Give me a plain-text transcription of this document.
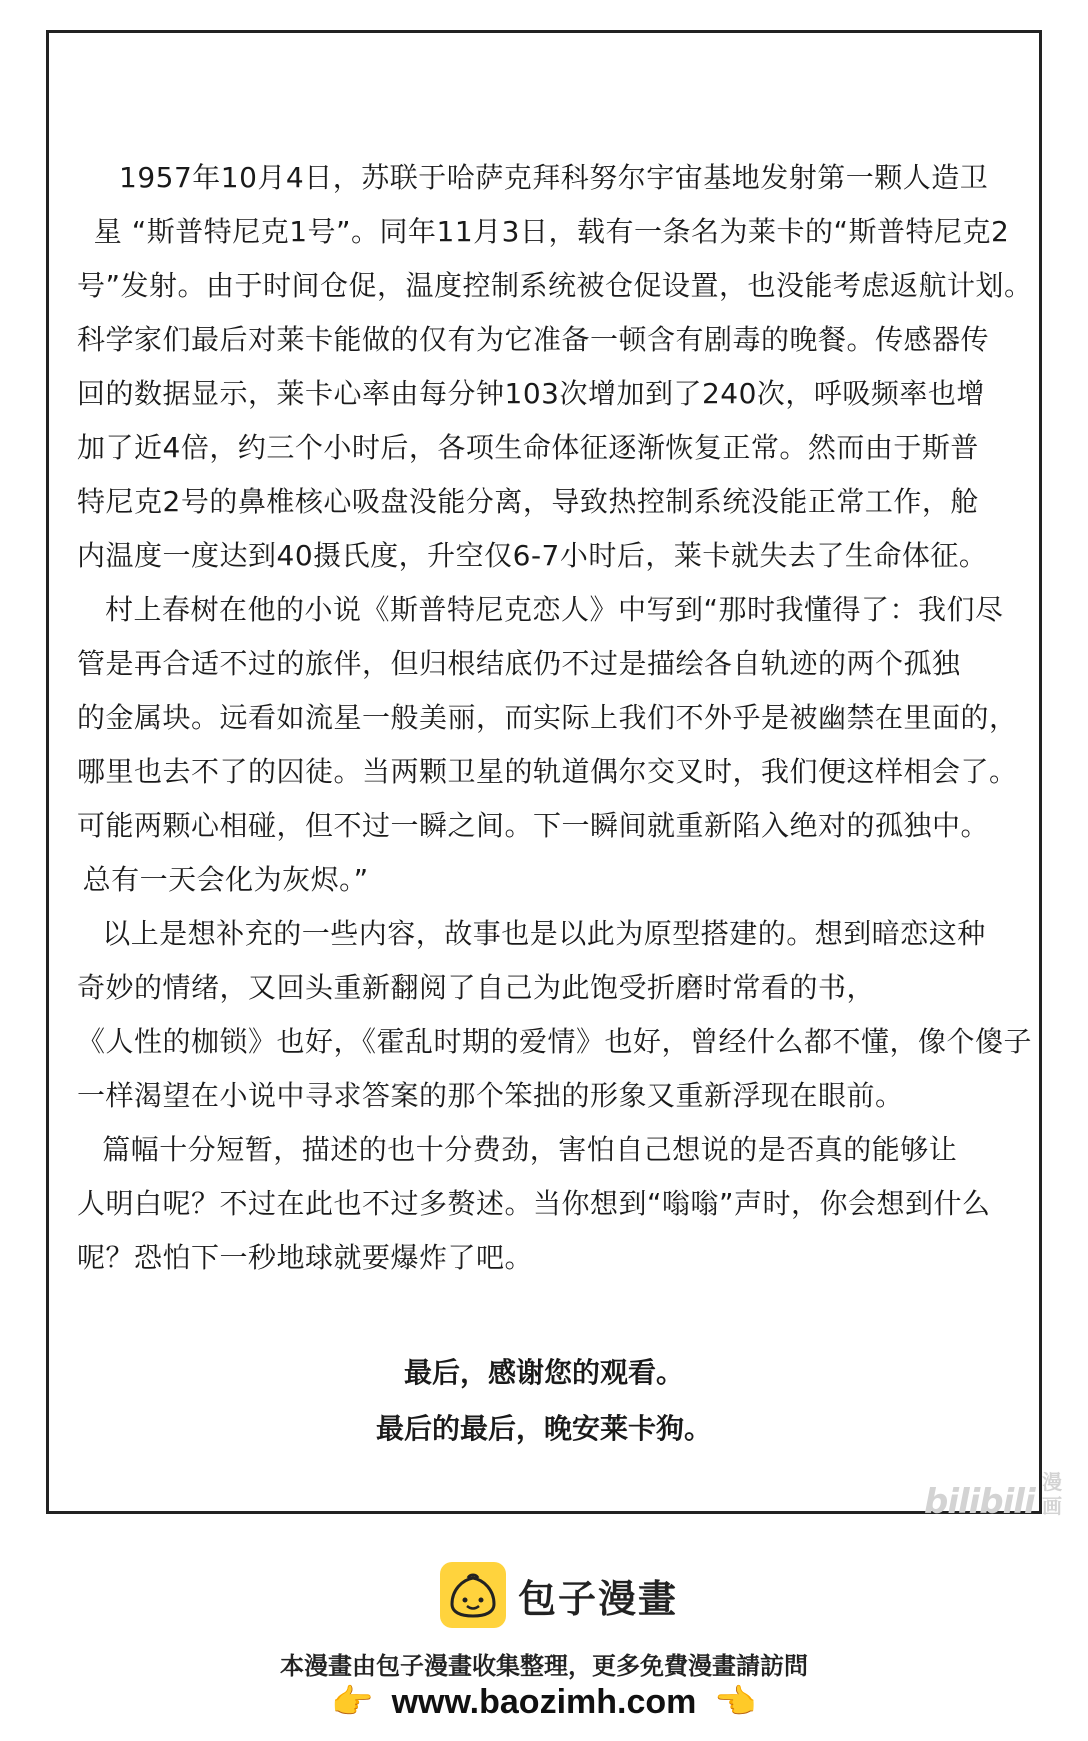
1957年10月4日，苏联于哈萨克拜科努尔宇宙基地发射第一颗人造卫
星 “斯普特尼克1号”。同年11月3日，载有一条名为莱卡的“斯普特尼克2
号”发射。由于时间仓促，温度控制系统被仓促设置，也没能考虑返航计划。
科学家们最后对莱卡能做的仅有为它准备一顿含有剧毒的晚餐。传感器传
回的数据显示，莱卡心率由每分钟103次增加到了240次，呼吸频率也增
加了近4倍，约三个小时后，各项生命体征逐渐恢复正常。然而由于斯普
特尼克2号的鼻椎核心吸盘没能分离，导致热控制系统没能正常工作，舱
内温度一度达到40摄氏度，升空仅6-7小时后，莱卡就失去了生命体征。
村上春树在他的小说《斯普特尼克恋人》中写到“那时我懂得了：我们尽
管是再合适不过的旅伴，但归根结底仍不过是描绘各自轨迹的两个孤独
的金属块。远看如流星一般美丽，而实际上我们不外乎是被幽禁在里面的，
哪里也去不了的囚徒。当两颗卫星的轨道偶尔交叉时，我们便这样相会了。
可能两颗心相碰，但不过一瞬之间。下一瞬间就重新陷入绝对的孤独中。
总有一天会化为灰烬。”
以上是想补充的一些内容，故事也是以此为原型搭建的。想到暗恋这种
奇妙的情绪，又回头重新翻阅了自己为此饱受折磨时常看的书，
《人性的枷锁》也好，《霍乱时期的爱情》也好，曾经什么都不懂，像个傻子
一样渴望在小说中寻求答案的那个笨拙的形象又重新浮现在眼前。
篇幅十分短暂，描述的也十分费劲，害怕自己想说的是否真的能够让
人明白呢？不过在此也不过多赘述。当你想到“嗡嗡”声时，你会想到什么
呢？恐怕下一秒地球就要爆炸了吧。
最后，感谢您的观看。
最后的最后，晚安莱卡狗。
bilibili 漫画
包子漫畫
本漫畫由包子漫畫收集整理，更多免費漫畫請訪問
👉 www.baozimh.com 👈
